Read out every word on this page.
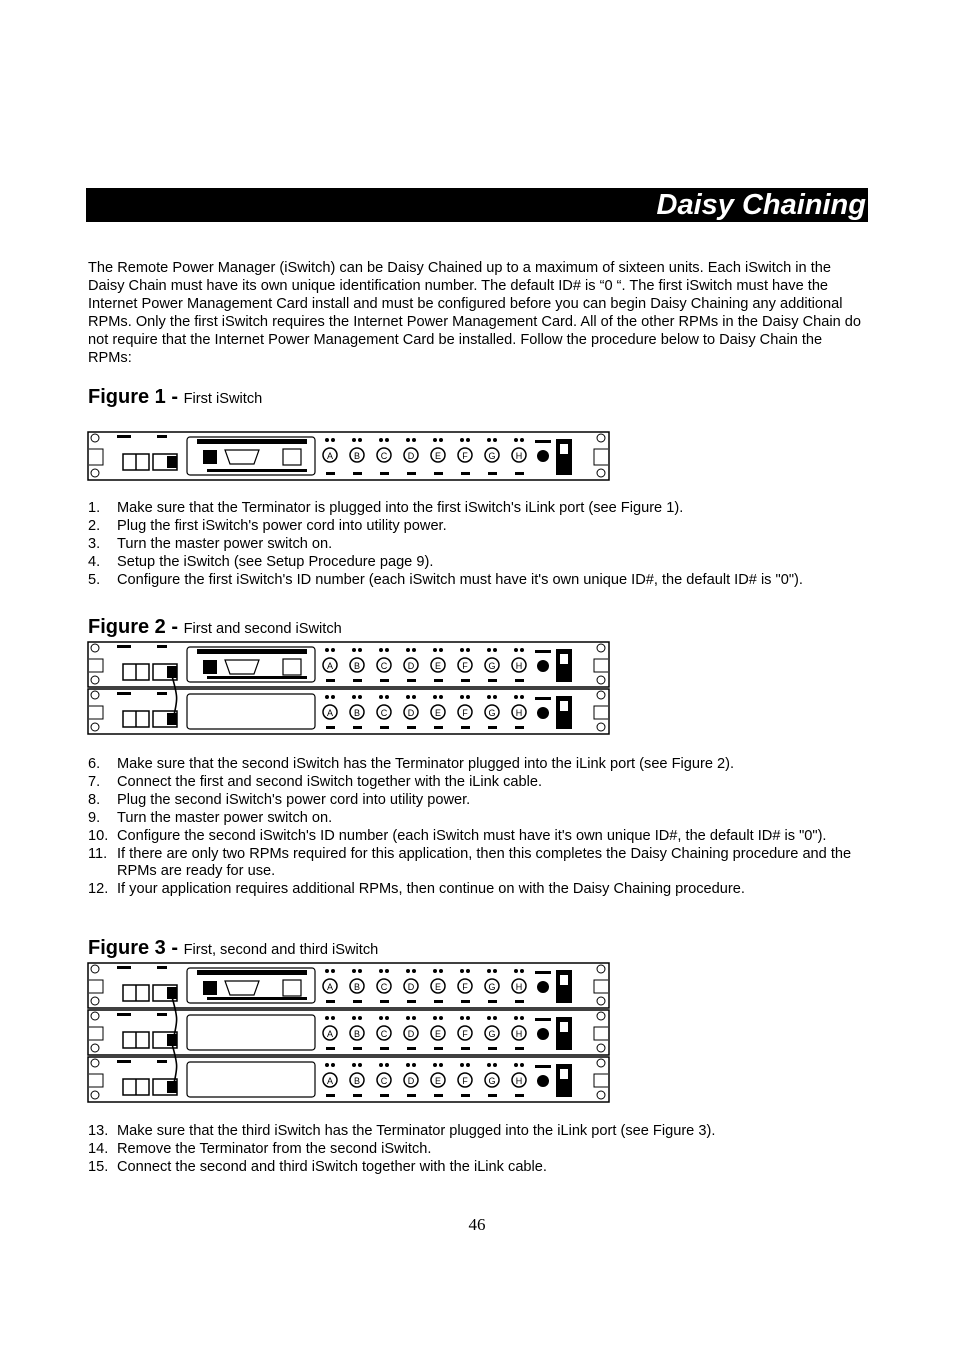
Daisy Chaining
The Remote Power Manager (iSwitch) can be Daisy Chained up to a maximum of sixteen units. Each iSwitch in the Daisy Chain must have its own unique identification number. The default ID# is “0 “. The first iSwitch must have the Internet Power Management Card install and must be configured before you can begin Daisy Chaining any additional RPMs. Only the first iSwitch requires the Internet Power Management Card. All of the other RPMs in the Daisy Chain do not require that the Internet Power Management Card be installed. Follow the procedure below to Daisy Chain the RPMs:
Figure 1 - First iSwitch
A B C D E F G H
1. Make sure that the Terminator is plugged into the first iSwitch's iLink port (see Figure 1).
2. Plug the first iSwitch's power cord into utility power.
3. Turn the master power switch on.
4. Setup the iSwitch (see Setup Procedure page 9).
5. Configure the first iSwitch's ID number (each iSwitch must have it's own unique ID#, the default ID# is "0").
Figure 2 - First and second iSwitch
A B C D E F G H
A B C D E F G H
6. Make sure that the second iSwitch has the Terminator plugged into the iLink port (see Figure 2).
7. Connect the first and second iSwitch together with the iLink cable.
8. Plug the second iSwitch's power cord into utility power.
9. Turn the master power switch on.
10. Configure the second iSwitch's ID number (each iSwitch must have it's own unique ID#, the default ID# is "0").
11. If there are only two RPMs required for this application, then this completes the Daisy Chaining procedure and the RPMs are ready for use.
12. If your application requires additional RPMs, then continue on with the Daisy Chaining procedure.
Figure 3 - First, second and third iSwitch
A B C D E F G H
A B C D E F G H
A B C D E F G H
13. Make sure that the third iSwitch has the Terminator plugged into the iLink port (see Figure 3).
14. Remove the Terminator from the second iSwitch.
15. Connect the second and third iSwitch together with the iLink cable.
46
